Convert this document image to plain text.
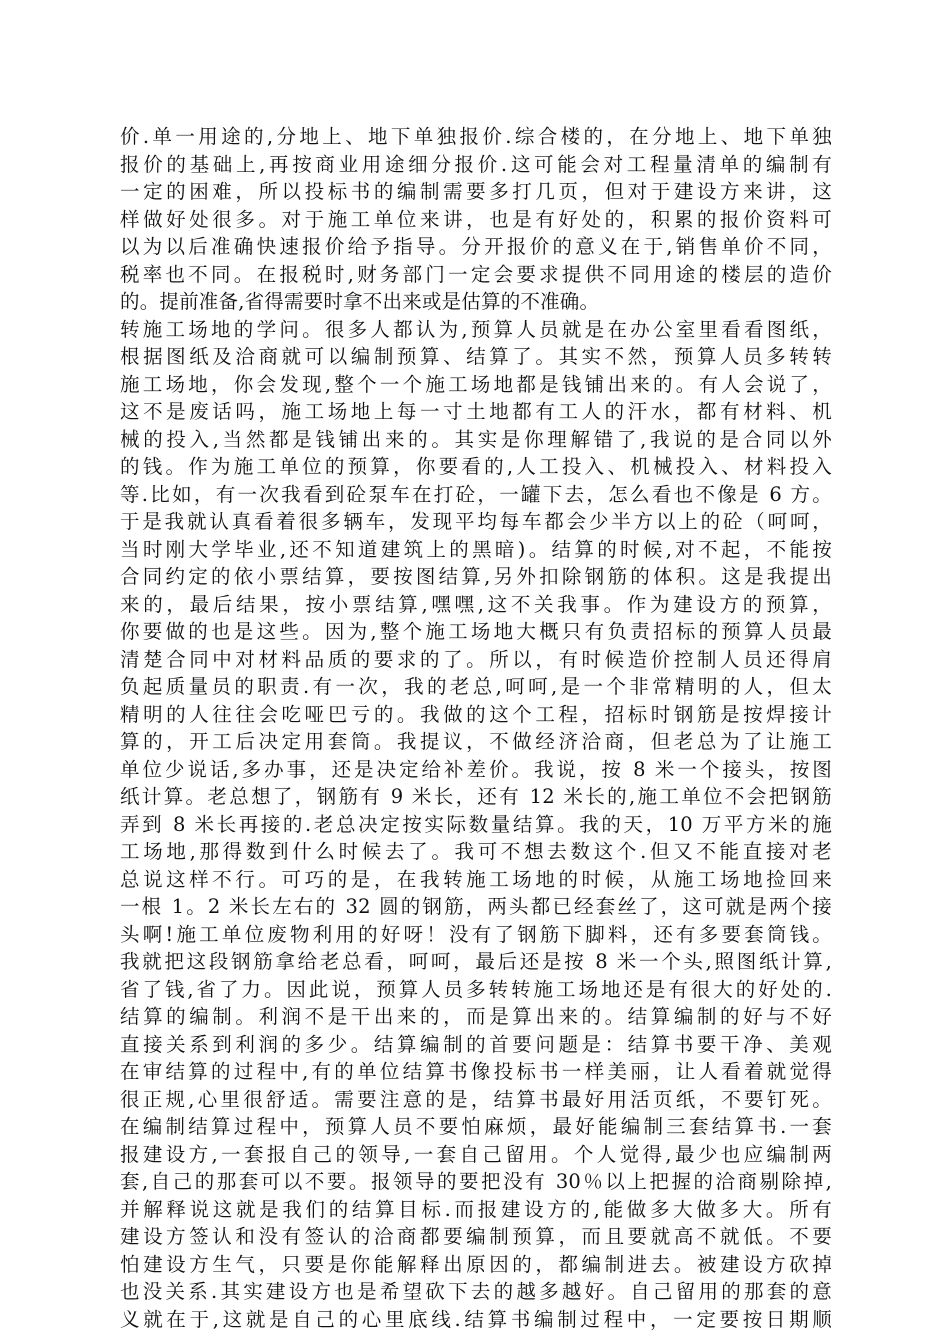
价.单一用途的,分地上、地下单独报价.综合楼的，在分地上、地下单独
报价的基础上,再按商业用途细分报价.这可能会对工程量清单的编制有
一定的困难，所以投标书的编制需要多打几页，但对于建设方来讲，这
样做好处很多。对于施工单位来讲，也是有好处的，积累的报价资料可
以为以后准确快速报价给予指导。分开报价的意义在于,销售单价不同，
税率也不同。在报税时,财务部门一定会要求提供不同用途的楼层的造价
的。提前准备,省得需要时拿不出来或是估算的不准确。
转施工场地的学问。很多人都认为,预算人员就是在办公室里看看图纸，
根据图纸及洽商就可以编制预算、结算了。其实不然，预算人员多转转
施工场地，你会发现,整个一个施工场地都是钱铺出来的。有人会说了，
这不是废话吗，施工场地上每一寸土地都有工人的汗水，都有材料、机
械的投入,当然都是钱铺出来的。其实是你理解错了,我说的是合同以外
的钱。作为施工单位的预算，你要看的,人工投入、机械投入、材料投入
等.比如，有一次我看到砼泵车在打砼，一罐下去，怎么看也不像是 6 方。
于是我就认真看着很多辆车，发现平均每车都会少半方以上的砼（呵呵，
当时刚大学毕业,还不知道建筑上的黑暗)。结算的时候,对不起，不能按
合同约定的依小票结算，要按图结算,另外扣除钢筋的体积。这是我提出
来的，最后结果，按小票结算,嘿嘿,这不关我事。作为建设方的预算，
你要做的也是这些。因为,整个施工场地大概只有负责招标的预算人员最
清楚合同中对材料品质的要求的了。所以，有时候造价控制人员还得肩
负起质量员的职责.有一次，我的老总,呵呵,是一个非常精明的人，但太
精明的人往往会吃哑巴亏的。我做的这个工程，招标时钢筋是按焊接计
算的，开工后决定用套筒。我提议，不做经济洽商，但老总为了让施工
单位少说话,多办事，还是决定给补差价。我说，按 8 米一个接头，按图
纸计算。老总想了，钢筋有 9 米长，还有 12 米长的,施工单位不会把钢筋
弄到 8 米长再接的.老总决定按实际数量结算。我的天，10 万平方米的施
工场地,那得数到什么时候去了。我可不想去数这个.但又不能直接对老
总说这样不行。可巧的是，在我转施工场地的时候，从施工场地捡回来
一根 1。2 米长左右的 32 圆的钢筋，两头都已经套丝了，这可就是两个接
头啊!施工单位废物利用的好呀！没有了钢筋下脚料，还有多要套筒钱。
我就把这段钢筋拿给老总看，呵呵，最后还是按 8 米一个头,照图纸计算,
省了钱,省了力。因此说，预算人员多转转施工场地还是有很大的好处的.
结算的编制。利润不是干出来的，而是算出来的。结算编制的好与不好
直接关系到利润的多少。结算编制的首要问题是：结算书要干净、美观
在审结算的过程中,有的单位结算书像投标书一样美丽，让人看着就觉得
很正规,心里很舒适。需要注意的是，结算书最好用活页纸，不要钉死。
在编制结算过程中，预算人员不要怕麻烦，最好能编制三套结算书.一套
报建设方,一套报自己的领导,一套自己留用。个人觉得,最少也应编制两
套,自己的那套可以不要。报领导的要把没有 30％以上把握的洽商剔除掉,
并解释说这就是我们的结算目标.而报建设方的,能做多大做多大。所有
建设方签认和没有签认的洽商都要编制预算，而且要就高不就低。不要
怕建设方生气，只要是你能解释出原因的，都编制进去。被建设方砍掉
也没关系.其实建设方也是希望砍下去的越多越好。自己留用的那套的意
义就在于,这就是自己的心里底线.结算书编制过程中，一定要按日期顺
